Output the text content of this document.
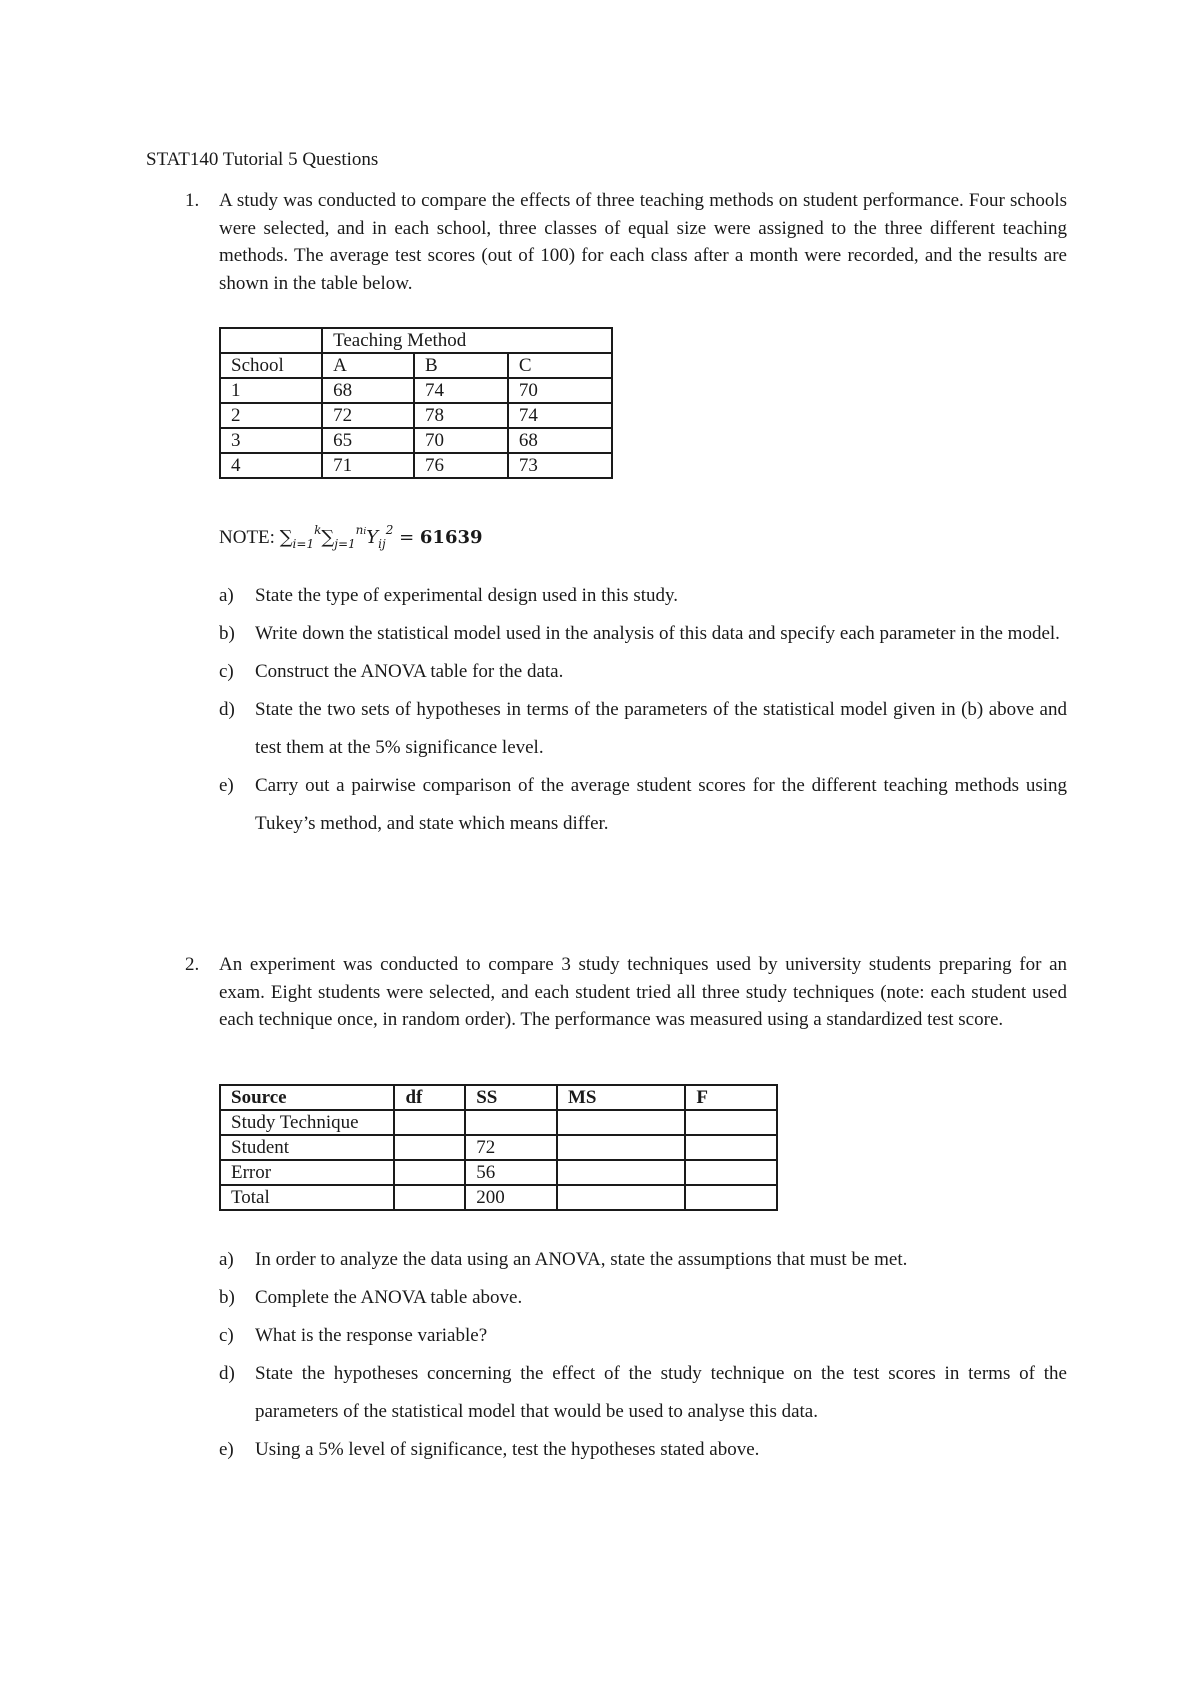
STAT140 Tutorial 5 Questions
1. A study was conducted to compare the effects of three teaching methods on student performance. Four schools were selected, and in each school, three classes of equal size were assigned to the three different teaching methods. The average test scores (out of 100) for each class after a month were recorded, and the results are shown in the table below.
	Teaching Method		
School	A	B	C
1	68	74	70
2	72	78	74
3	65	70	68
4	71	76	73
NOTE: $\sum_{i=1}^k\sum_{j=1}^{ni}Y_{ij}^2 = 61639$
a) State the type of experimental design used in this study.
b) Write down the statistical model used in the analysis of this data and specify each parameter in the model.
c) Construct the ANOVA table for the data.
d) State the two sets of hypotheses in terms of the parameters of the statistical model given in (b) above and test them at the 5% significance level.
e) Carry out a pairwise comparison of the average student scores for the different teaching methods using Tukey’s method, and state which means differ.
2. An experiment was conducted to compare 3 study techniques used by university students preparing for an exam. Eight students were selected, and each student tried all three study techniques (note: each student used each technique once, in random order). The performance was measured using a standardized test score.
Source	df	SS	MS	F
Study Technique				
Student		72		
Error		56		
Total		200		
a) In order to analyze the data using an ANOVA, state the assumptions that must be met.
b) Complete the ANOVA table above.
c) What is the response variable?
d) State the hypotheses concerning the effect of the study technique on the test scores in terms of the parameters of the statistical model that would be used to analyse this data.
e) Using a 5% level of significance, test the hypotheses stated above.
